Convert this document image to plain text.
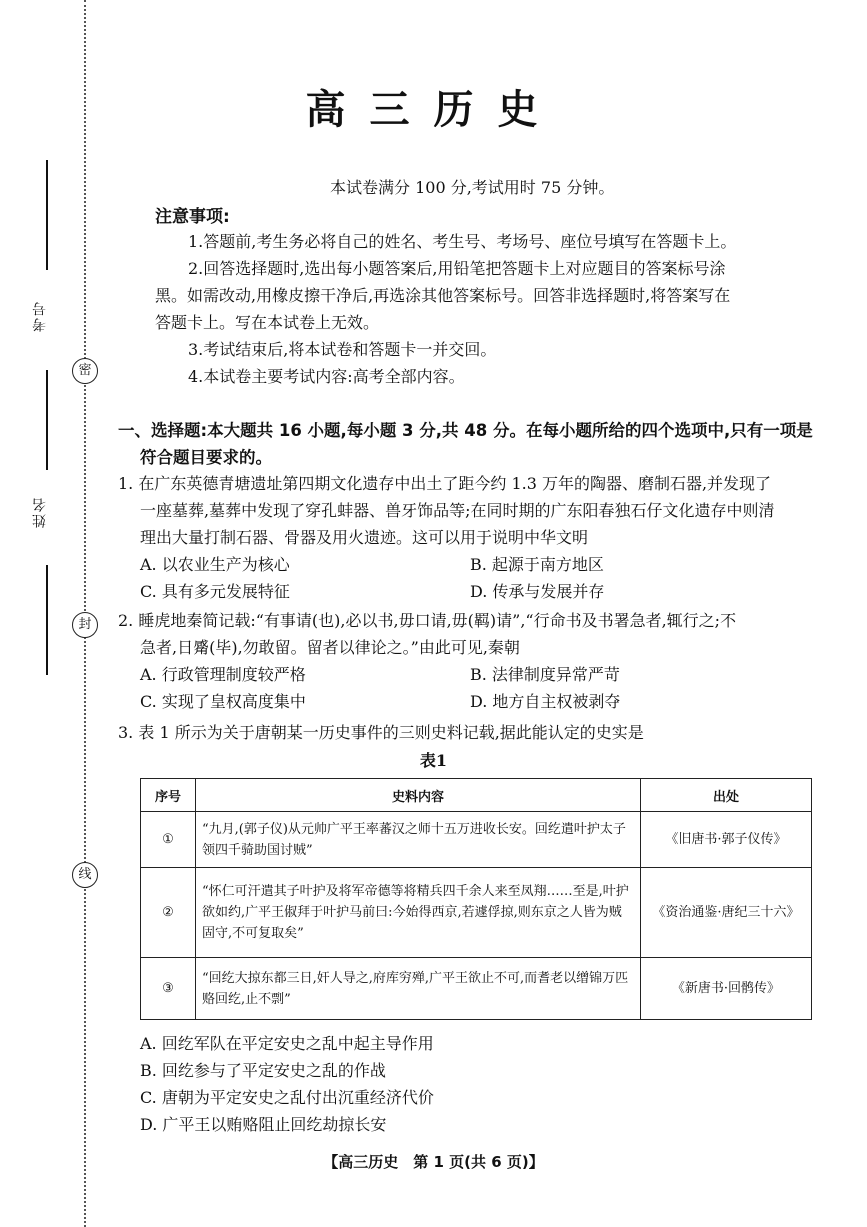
考号
姓名
密
封
线
高三历史
本试卷满分 100 分,考试用时 75 分钟。
注意事项:
1.答题前,考生务必将自己的姓名、考生号、考场号、座位号填写在答题卡上。
2.回答选择题时,选出每小题答案后,用铅笔把答题卡上对应题目的答案标号涂
黑。如需改动,用橡皮擦干净后,再选涂其他答案标号。回答非选择题时,将答案写在
答题卡上。写在本试卷上无效。
3.考试结束后,将本试卷和答题卡一并交回。
4.本试卷主要考试内容:高考全部内容。
一、选择题:本大题共 16 小题,每小题 3 分,共 48 分。在每小题所给的四个选项中,只有一项是
符合题目要求的。
1. 在广东英德青塘遗址第四期文化遗存中出土了距今约 1.3 万年的陶器、磨制石器,并发现了
一座墓葬,墓葬中发现了穿孔蚌器、兽牙饰品等;在同时期的广东阳春独石仔文化遗存中则清
理出大量打制石器、骨器及用火遗迹。这可以用于说明中华文明
A. 以农业生产为核心	B. 起源于南方地区
C. 具有多元发展特征	D. 传承与发展并存
2. 睡虎地秦简记载:“有事请(也),必以书,毋口请,毋(羁)请”,“行命书及书署急者,辄行之;不
急者,日觱(毕),勿敢留。留者以律论之。”由此可见,秦朝
A. 行政管理制度较严格	B. 法律制度异常严苛
C. 实现了皇权高度集中	D. 地方自主权被剥夺
3. 表 1 所示为关于唐朝某一历史事件的三则史料记载,据此能认定的史实是
表1
序号	史料内容	出处
①	“九月,(郭子仪)从元帅广平王率蕃汉之师十五万进收长安。回纥遣叶护太子领四千骑助国讨贼”	《旧唐书·郭子仪传》
②	“怀仁可汗遣其子叶护及将军帝德等将精兵四千余人来至凤翔……至是,叶护欲如约,广平王俶拜于叶护马前曰:今始得西京,若遽俘掠,则东京之人皆为贼固守,不可复取矣”	《资治通鉴·唐纪三十六》
③	“回纥大掠东都三日,奸人导之,府库穷殚,广平王欲止不可,而耆老以缯锦万匹赂回纥,止不剽”	《新唐书·回鹘传》
A. 回纥军队在平定安史之乱中起主导作用
B. 回纥参与了平定安史之乱的作战
C. 唐朝为平定安史之乱付出沉重经济代价
D. 广平王以贿赂阻止回纥劫掠长安
【高三历史　第 1 页(共 6 页)】
